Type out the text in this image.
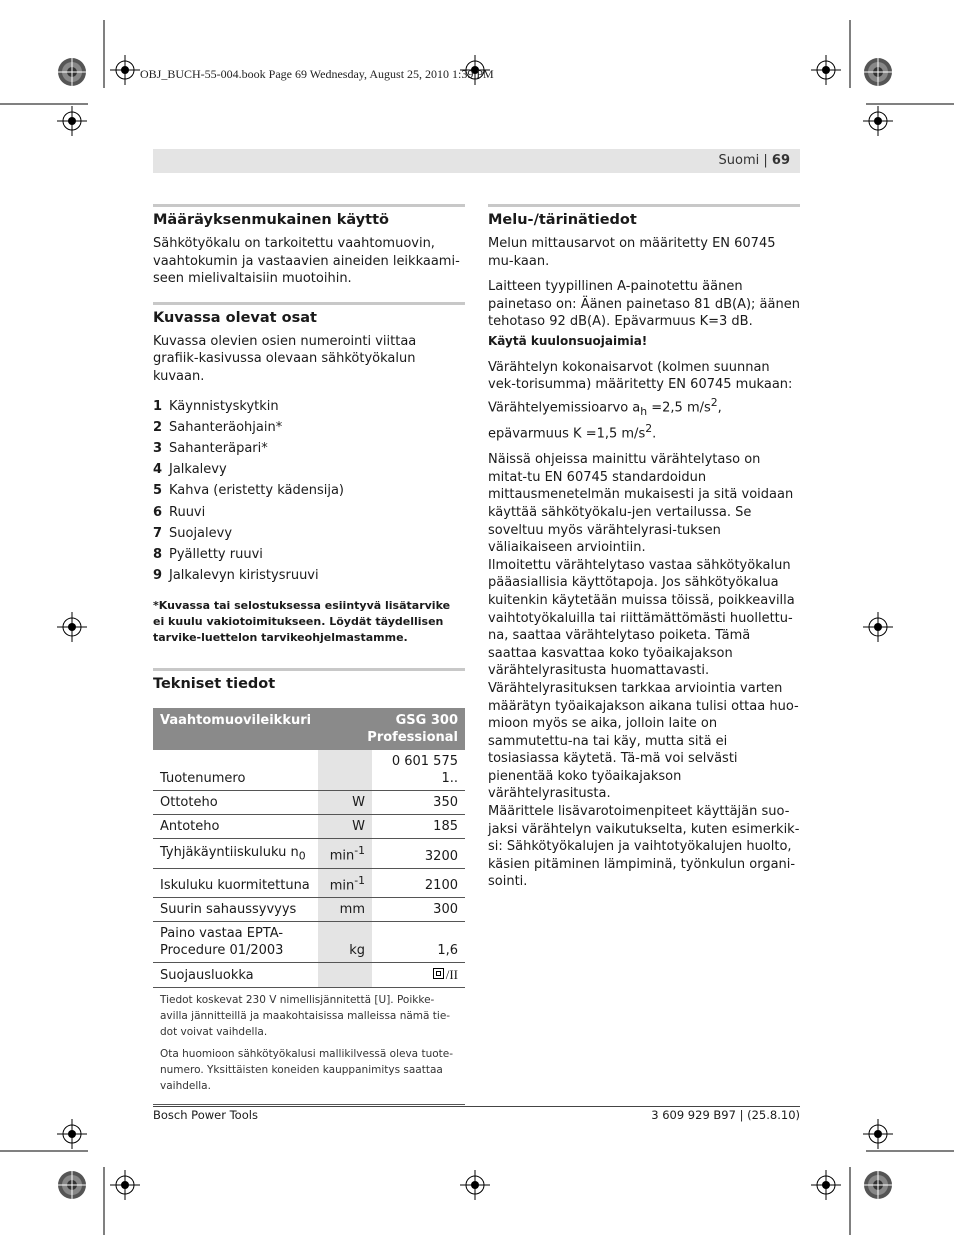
OBJ_BUCH-55-004.book Page 69 Wednesday, August 25, 2010 1:39 PM
Suomi | 69
Määräyksenmukainen käyttö

Sähkötyökalu on tarkoitettu vaahtomuovin, vaahtokumin ja vastaavien aineiden leikkaami-seen mielivaltaisiin muotoihin.

Kuvassa olevat osat

Kuvassa olevien osien numerointi viittaa grafiik-kasivussa olevaan sähkötyökalun kuvaan.

1 Käynnistyskytkin
2 Sahanteräohjain*
3 Sahanteräpari*
4 Jalkalevy
5 Kahva (eristetty kädensija)
6 Ruuvi
7 Suojalevy
8 Pyälletty ruuvi
9 Jalkalevyn kiristysruuvi
*Kuvassa tai selostuksessa esiintyvä lisätarvike ei kuulu vakiotoimitukseen. Löydät täydellisen tarvike-luettelon tarvikeohjelmastamme.
Tekniset tiedot
Vaahtomuovileikkuri	GSG 300
Professional	
Tuotenumero		0 601 575 1..
Ottoteho	W	350
Antoteho	W	185
Tyhjäkäyntiiskuluku $n_0$	$\min^{-1}$	3200
Iskuluku kuormitettuna	$\min^{-1}$	2100
Suurin sahaussyvyys	mm	300
Paino vastaa EPTA-Procedure 01/2003	kg	1,6
Suojausluokka		/II

Tiedot koskevat 230 V nimellisjännitettä [U]. Poikke-avilla jännitteillä ja maakohtaisissa malleissa nämä tie-dot voivat vaihdella.

Ota huomioon sähkötyökalusi mallikilvessä oleva tuote-numero. Yksittäisten koneiden kauppanimitys saattaa vaihdella.

Melu-/tärinätiedot

Melun mittausarvot on määritetty EN 60745 mu-kaan.

Laitteen tyypillinen A-painotettu äänen painetaso on: Äänen painetaso 81 dB(A); äänen tehotaso 92 dB(A). Epävarmuus K=3 dB.

Käytä kuulonsuojaimia!

Värähtelyn kokonaisarvot (kolmen suunnan vek-torisumma) määritetty EN 60745 mukaan: Värähtelyemissioarvo $a_h =2,5$ $m/s^2$, epävarmuus K =1,5 $m/s^2$.

Näissä ohjeissa mainittu värähtelytaso on mitat-tu EN 60745 standardoidun mittausmenetelmän mukaisesti ja sitä voidaan käyttää sähkötyökalu-jen vertailussa. Se soveltuu myös värähtelyrasi-tuksen väliaikaiseen arviointiin.

Ilmoitettu värähtelytaso vastaa sähkötyökalun pääasiallisia käyttötapoja. Jos sähkötyökalua kuitenkin käytetään muissa töissä, poikkeavilla vaihtotyökaluilla tai riittämättömästi huollettu-na, saattaa värähtelytaso poiketa. Tämä saattaa kasvattaa koko työaikajakson värähtelyrasitusta huomattavasti.

Värähtelyrasituksen tarkkaa arviointia varten määrätyn työaikajakson aikana tulisi ottaa huo-mioon myös se aika, jolloin laite on sammutettu-na tai käy, mutta sitä ei tosiasiassa käytetä. Tä-mä voi selvästi pienentää koko työaikajakson värähtelyrasitusta.

Määrittele lisävarotoimenpiteet käyttäjän suo-jaksi värähtelyn vaikutukselta, kuten esimerkik-si: Sähkötyökalujen ja vaihtotyökalujen huolto, käsien pitäminen lämpiminä, työnkulun organi-sointi.

Bosch Power Tools	3 609 929 B97 | (25.8.10)
